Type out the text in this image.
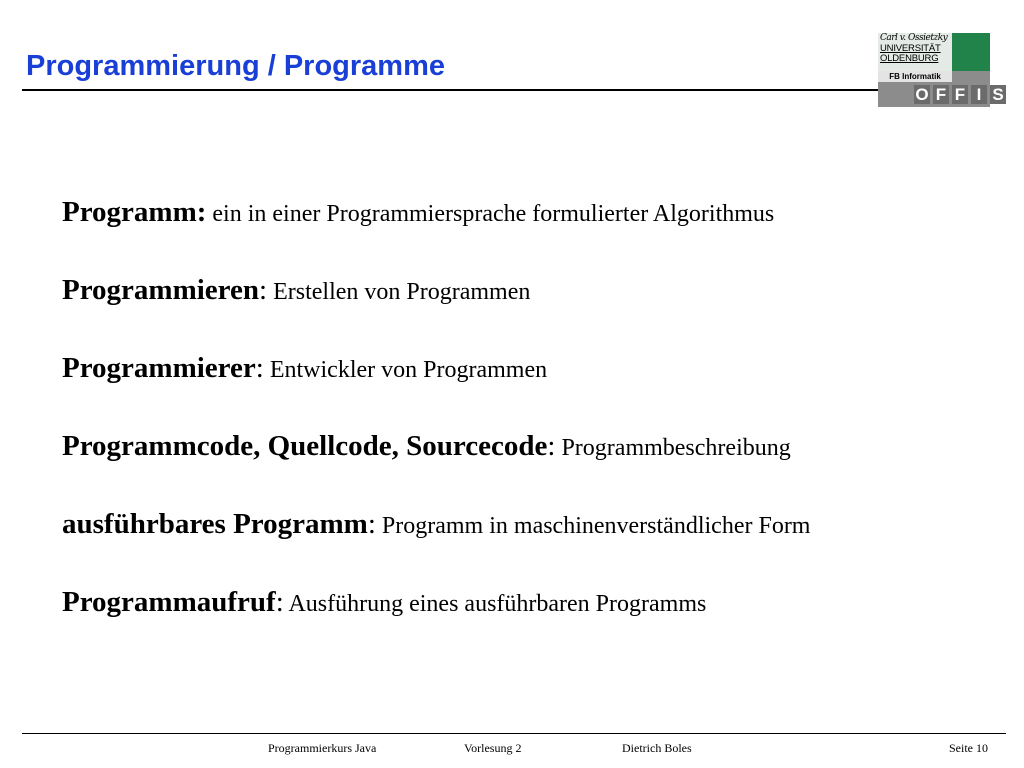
Programmierung / Programme
Carl v. Ossietzky
UNIVERSITÄT
OLDENBURG
FB Informatik
O F F I S
Programm: ein in einer Programmiersprache formulierter Algorithmus
Programmieren: Erstellen von Programmen
Programmierer: Entwickler von Programmen
Programmcode, Quellcode, Sourcecode: Programmbeschreibung
ausführbares Programm: Programm in maschinenverständlicher Form
Programmaufruf: Ausführung eines ausführbaren Programms
Programmierkurs Java	Vorlesung 2	Dietrich Boles	Seite 10
